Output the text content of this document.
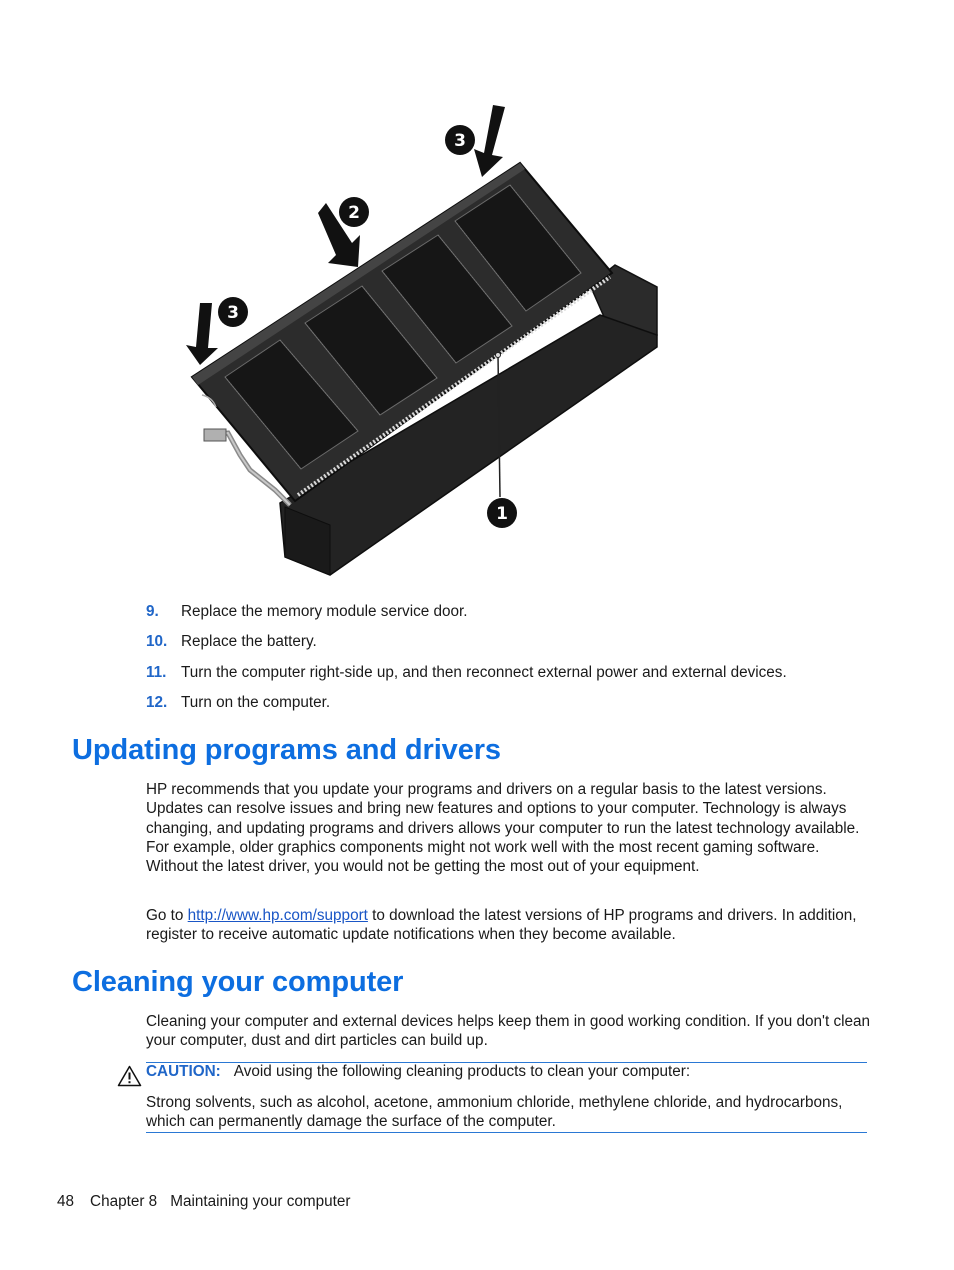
3
2
3
1
9. Replace the memory module service door.
10. Replace the battery.
11. Turn the computer right-side up, and then reconnect external power and external devices.
12. Turn on the computer.
Updating programs and drivers

HP recommends that you update your programs and drivers on a regular basis to the latest versions. Updates can resolve issues and bring new features and options to your computer. Technology is always changing, and updating programs and drivers allows your computer to run the latest technology available. For example, older graphics components might not work well with the most recent gaming software. Without the latest driver, you would not be getting the most out of your equipment.

Go to http://www.hp.com/support to download the latest versions of HP programs and drivers. In addition, register to receive automatic update notifications when they become available.

Cleaning your computer

Cleaning your computer and external devices helps keep them in good working condition. If you don't clean your computer, dust and dirt particles can build up.

CAUTION: Avoid using the following cleaning products to clean your computer:

Strong solvents, such as alcohol, acetone, ammonium chloride, methylene chloride, and hydrocarbons, which can permanently damage the surface of the computer.

48 Chapter 8 Maintaining your computer
